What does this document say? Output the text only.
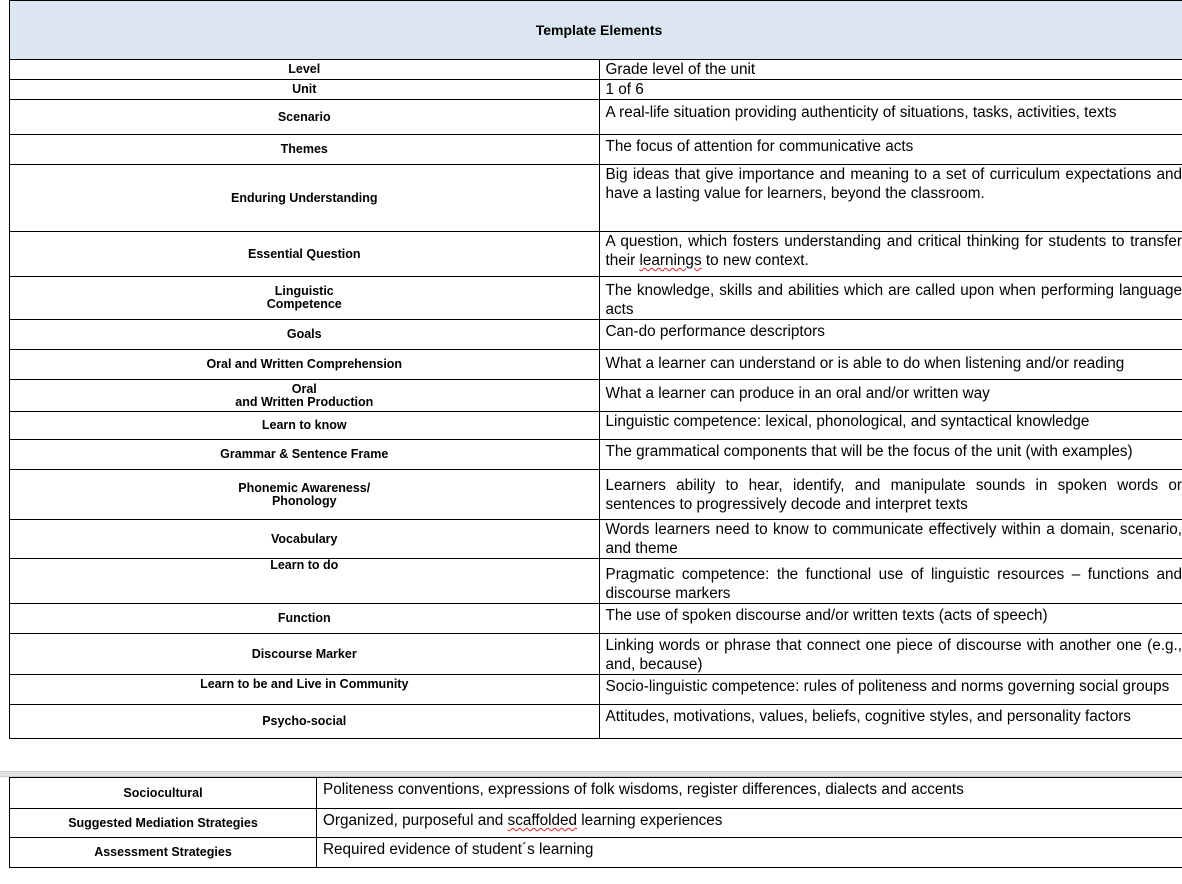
Template Elements	
Level	Grade level of the unit
Unit	1 of 6
Scenario	A real-life situation providing authenticity of situations, tasks, activities, texts
Themes	The focus of attention for communicative acts
Enduring Understanding	Big ideas that give importance and meaning to a set of curriculum expectations and have a lasting value for learners, beyond the classroom.
Essential Question	A question, which fosters understanding and critical thinking for students to transfer their learnings to new context.

Linguistic
Competence	The knowledge, skills and abilities which are called upon when performing language acts
Goals	Can-do performance descriptors
Oral and Written Comprehension	What a learner can understand or is able to do when listening and/or reading

Oral
and Written Production	What a learner can produce in an oral and/or written way
Learn to know	Linguistic competence: lexical, phonological, and syntactical knowledge
Grammar & Sentence Frame	The grammatical components that will be the focus of the unit (with examples)

Phonemic Awareness/
Phonology	Learners ability to hear, identify, and manipulate sounds in spoken words or sentences to progressively decode and interpret texts
Vocabulary	Words learners need to know to communicate effectively within a domain, scenario, and theme
Learn to do	Pragmatic competence: the functional use of linguistic resources – functions and discourse markers
Function	The use of spoken discourse and/or written texts (acts of speech)
Discourse Marker	Linking words or phrase that connect one piece of discourse with another one (e.g., and, because)
Learn to be and Live in Community	Socio-linguistic competence: rules of politeness and norms governing social groups
Psycho-social	Attitudes, motivations, values, beliefs, cognitive styles, and personality factors
Sociocultural	Politeness conventions, expressions of folk wisdoms, register differences, dialects and accents
Suggested Mediation Strategies	Organized, purposeful and scaffolded learning experiences
Assessment Strategies	Required evidence of student´s learning
